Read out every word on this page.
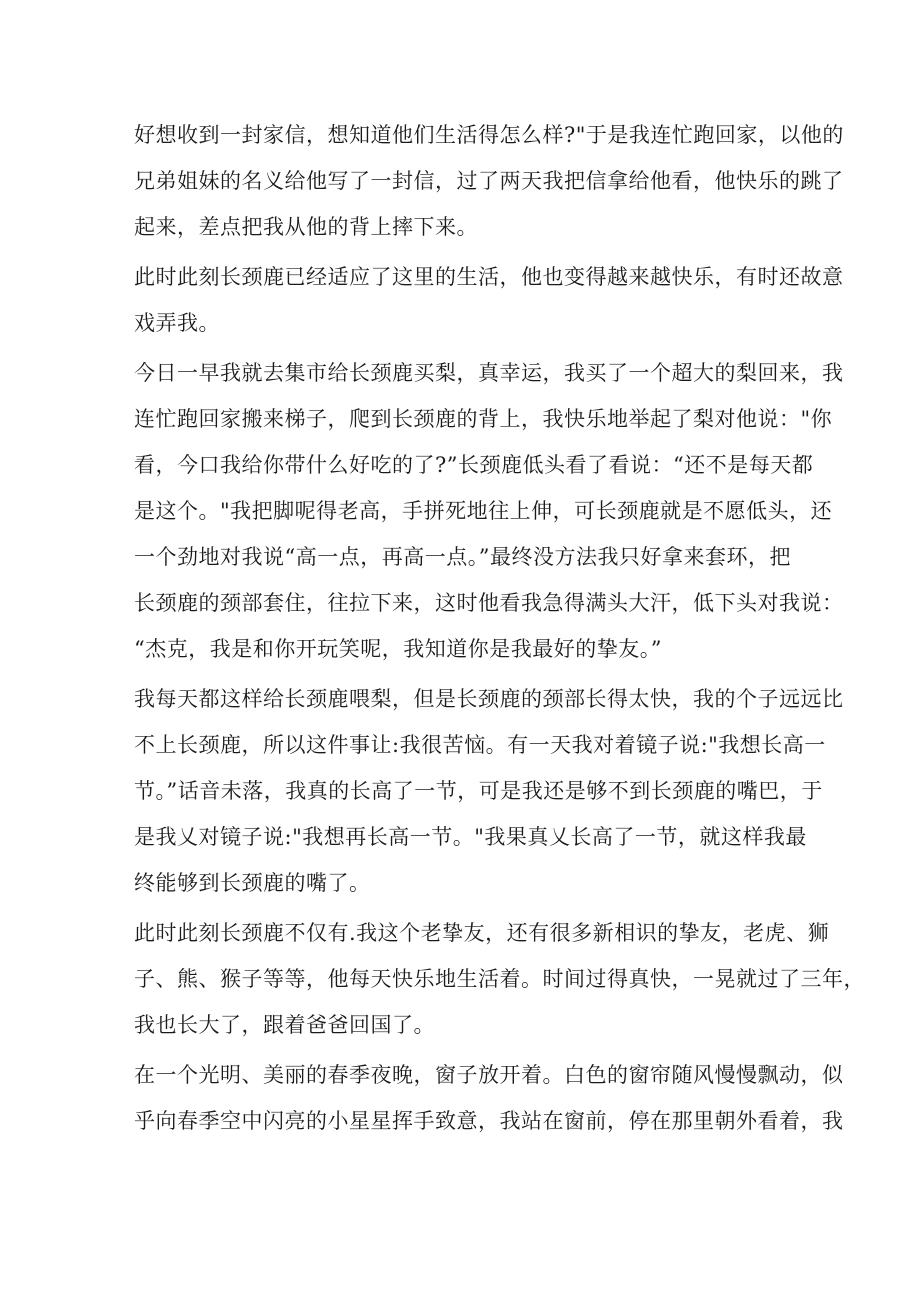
好想收到一封家信，想知道他们生活得怎么样?"于是我连忙跑回家，以他的
兄弟姐妹的名义给他写了一封信，过了两天我把信拿给他看，他快乐的跳了
起来，差点把我从他的背上摔下来。

此时此刻长颈鹿已经适应了这里的生活，他也变得越来越快乐，有时还故意
戏弄我。

今日一早我就去集市给长颈鹿买梨，真幸运，我买了一个超大的梨回来，我
连忙跑回家搬来梯子，爬到长颈鹿的背上，我快乐地举起了梨对他说："你
看，今口我给你带什么好吃的了?”长颈鹿低头看了看说：“还不是每天都
是这个。"我把脚呢得老高，手拼死地往上伸，可长颈鹿就是不愿低头，还
一个劲地对我说“高一点，再高一点。”最终没方法我只好拿来套环，把
长颈鹿的颈部套住，往拉下来，这时他看我急得满头大汗，低下头对我说：
“杰克，我是和你开玩笑呢，我知道你是我最好的挚友。”

我每天都这样给长颈鹿喂梨，但是长颈鹿的颈部长得太快，我的个子远远比
不上长颈鹿，所以这件事让:我很苦恼。有一天我对着镜子说:"我想长高一
节。”话音未落，我真的长高了一节，可是我还是够不到长颈鹿的嘴巴，于
是我乂对镜子说:"我想再长高一节。"我果真乂长高了一节，就这样我最
终能够到长颈鹿的嘴了。

此时此刻长颈鹿不仅有.我这个老挚友，还有很多新相识的挚友，老虎、狮
子、熊、猴子等等，他每天快乐地生活着。时间过得真快，一晃就过了三年，
我也长大了，跟着爸爸回国了。

在一个光明、美丽的春季夜晚，窗子放开着。白色的窗帘随风慢慢飘动，似
乎向春季空中闪亮的小星星挥手致意，我站在窗前，停在那里朝外看着，我
